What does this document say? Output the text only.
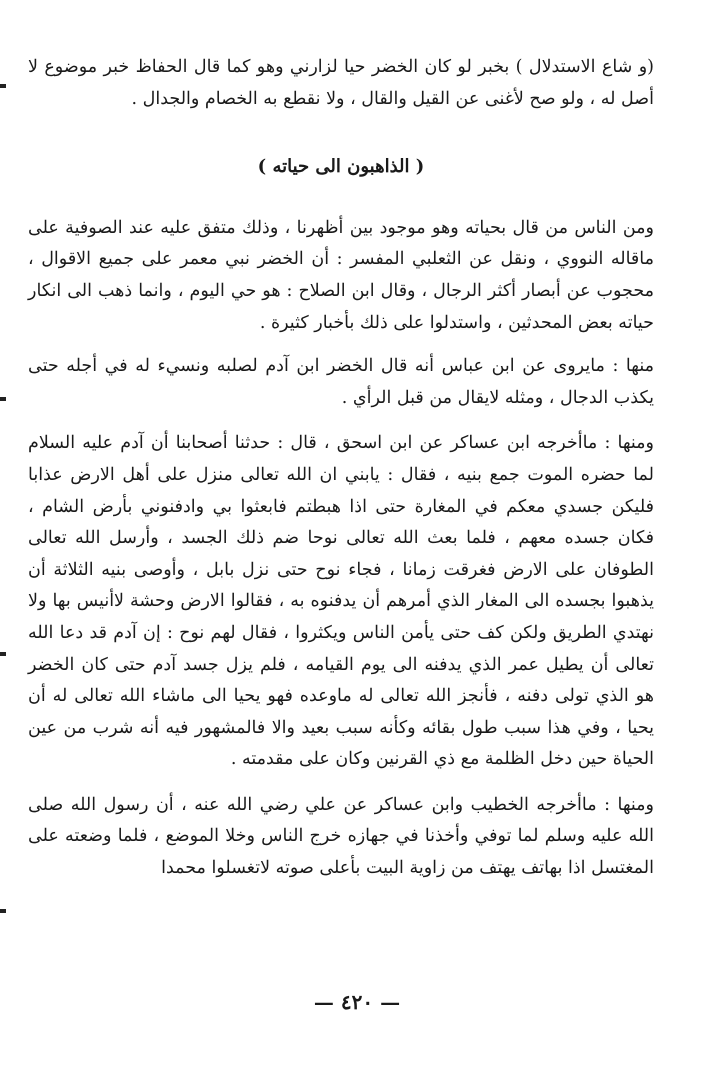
(و شاع الاستدلال ) بخبر لو كان الخضر حيا لزارني وهو كما قال الحفاظ خبر موضوع لا أصل له ، ولو صح لأغنى عن القيل والقال ، ولا نقطع به الخصام والجدال .

( الذاهبون الى حياته )

ومن الناس من قال بحياته وهو موجود بين أظهرنا ، وذلك متفق عليه عند الصوفية على ماقاله النووي ، ونقل عن الثعلبي المفسر : أن الخضر نبي معمر على جميع الاقوال ، محجوب عن أبصار أكثر الرجال ، وقال ابن الصلاح : هو حي اليوم ، وانما ذهب الى انكار حياته بعض المحدثين ، واستدلوا على ذلك بأخبار كثيرة .

منها : مايروى عن ابن عباس أنه قال الخضر ابن آدم لصلبه ونسيء له في أجله حتى يكذب الدجال ، ومثله لايقال من قبل الرأي .

ومنها : ماأخرجه ابن عساكر عن ابن اسحق ، قال : حدثنا أصحابنا أن آدم عليه السلام لما حضره الموت جمع بنيه ، فقال : يابني ان الله تعالى منزل على أهل الارض عذابا فليكن جسدي معكم في المغارة حتى اذا هبطتم فابعثوا بي وادفنوني بأرض الشام ، فكان جسده معهم ، فلما بعث الله تعالى نوحا ضم ذلك الجسد ، وأرسل الله تعالى الطوفان على الارض فغرقت زمانا ، فجاء نوح حتى نزل بابل ، وأوصى بنيه الثلاثة أن يذهبوا بجسده الى المغار الذي أمرهم أن يدفنوه به ، فقالوا الارض وحشة لاأنيس بها ولا نهتدي الطريق ولكن كف حتى يأمن الناس ويكثروا ، فقال لهم نوح : إن آدم قد دعا الله تعالى أن يطيل عمر الذي يدفنه الى يوم القيامه ، فلم يزل جسد آدم حتى كان الخضر هو الذي تولى دفنه ، فأنجز الله تعالى له ماوعده فهو يحيا الى ماشاء الله تعالى له أن يحيا ، وفي هذا سبب طول بقائه وكأنه سبب بعيد والا فالمشهور فيه أنه شرب من عين الحياة حين دخل الظلمة مع ذي القرنين وكان على مقدمته .

ومنها : ماأخرجه الخطيب وابن عساكر عن علي رضي الله عنه ، أن رسول الله صلى الله عليه وسلم لما توفي وأخذنا في جهازه خرج الناس وخلا الموضع ، فلما وضعته على المغتسل اذا بهاتف يهتف من زاوية البيت بأعلى صوته لاتغسلوا محمدا

— ٤٢٠ —
